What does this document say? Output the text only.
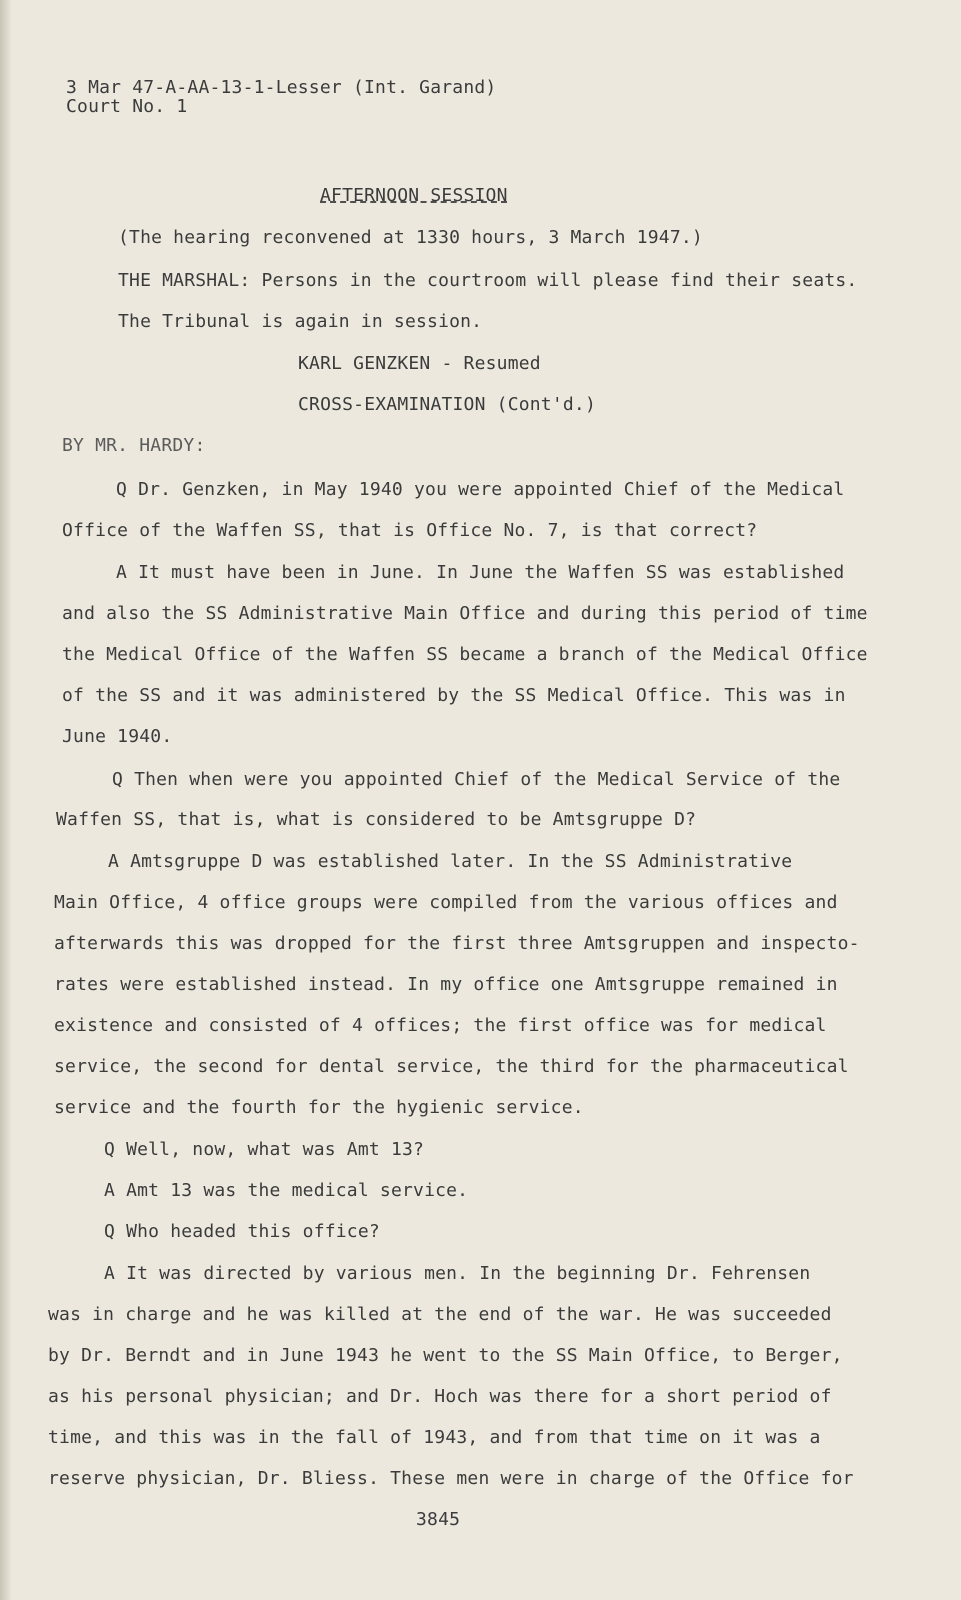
3 Mar 47-A-AA-13-1-Lesser (Int. Garand)
Court No. 1
AFTERNOON SESSION
(The hearing reconvened at 1330 hours, 3 March 1947.)
THE MARSHAL: Persons in the courtroom will please find their seats.
The Tribunal is again in session.
KARL GENZKEN - Resumed
CROSS-EXAMINATION (Cont'd.)
BY MR. HARDY:
Q Dr. Genzken, in May 1940 you were appointed Chief of the Medical
Office of the Waffen SS, that is Office No. 7, is that correct?
A It must have been in June. In June the Waffen SS was established
and also the SS Administrative Main Office and during this period of time
the Medical Office of the Waffen SS became a branch of the Medical Office
of the SS and it was administered by the SS Medical Office. This was in
June 1940.
Q Then when were you appointed Chief of the Medical Service of the
Waffen SS, that is, what is considered to be Amtsgruppe D?
A Amtsgruppe D was established later. In the SS Administrative
Main Office, 4 office groups were compiled from the various offices and
afterwards this was dropped for the first three Amtsgruppen and inspecto-
rates were established instead. In my office one Amtsgruppe remained in
existence and consisted of 4 offices; the first office was for medical
service, the second for dental service, the third for the pharmaceutical
service and the fourth for the hygienic service.
Q Well, now, what was Amt 13?
A Amt 13 was the medical service.
Q Who headed this office?
A It was directed by various men. In the beginning Dr. Fehrensen
was in charge and he was killed at the end of the war. He was succeeded
by Dr. Berndt and in June 1943 he went to the SS Main Office, to Berger,
as his personal physician; and Dr. Hoch was there for a short period of
time, and this was in the fall of 1943, and from that time on it was a
reserve physician, Dr. Bliess. These men were in charge of the Office for
3845
